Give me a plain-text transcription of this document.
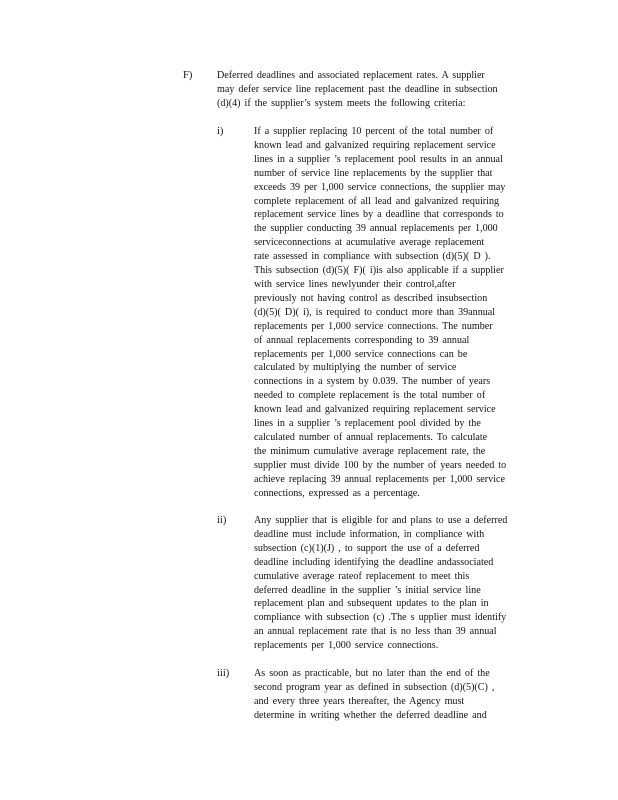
F) Deferred deadlines and associated replacement rates. A supplier
may defer service line replacement past the deadline in subsection
(d)(4) if the supplier’s system meets the following criteria:
i)	If a supplier replacing 10 percent of the total number of
known lead and galvanized requiring replacement service
lines in a supplier ’s replacement pool results in an annual
number of service line replacements by the supplier that
exceeds 39 per 1,000 service connections, the supplier may
complete replacement of all lead and galvanized requiring
replacement service lines by a deadline that corresponds to
the supplier conducting 39 annual replacements per 1,000
serviceconnections at acumulative average replacement
rate assessed in compliance with subsection (d)(5)( D ).
This subsection (d)(5)( F)( i)is also applicable if a supplier
with service lines newlyunder their control,after
previously not having control as described insubsection
(d)(5)( D)( i), is required to conduct more than 39annual
replacements per 1,000 service connections. The number
of annual replacements corresponding to 39 annual
replacements per 1,000 service connections can be
calculated by multiplying the number of service
connections in a system by 0.039. The number of years
needed to complete replacement is the total number of
known lead and galvanized requiring replacement service
lines in a supplier ’s replacement pool divided by the
calculated number of annual replacements. To calculate
the minimum cumulative average replacement rate, the
supplier must divide 100 by the number of years needed to
achieve replacing 39 annual replacements per 1,000 service
connections, expressed as a percentage.
ii)	Any supplier that is eligible for and plans to use a deferred
deadline must include information, in compliance with
subsection (c)(1)(J) , to support the use of a deferred
deadline including identifying the deadline andassociated
cumulative average rateof replacement to meet this
deferred deadline in the supplier ’s initial service line
replacement plan and subsequent updates to the plan in
compliance with subsection (c) .The s upplier must identify
an annual replacement rate that is no less than 39 annual
replacements per 1,000 service connections.
iii) As soon as practicable, but no later than the end of the
second program year as defined in subsection (d)(5)(C) ,
and every three years thereafter, the Agency must
determine in writing whether the deferred deadline and
